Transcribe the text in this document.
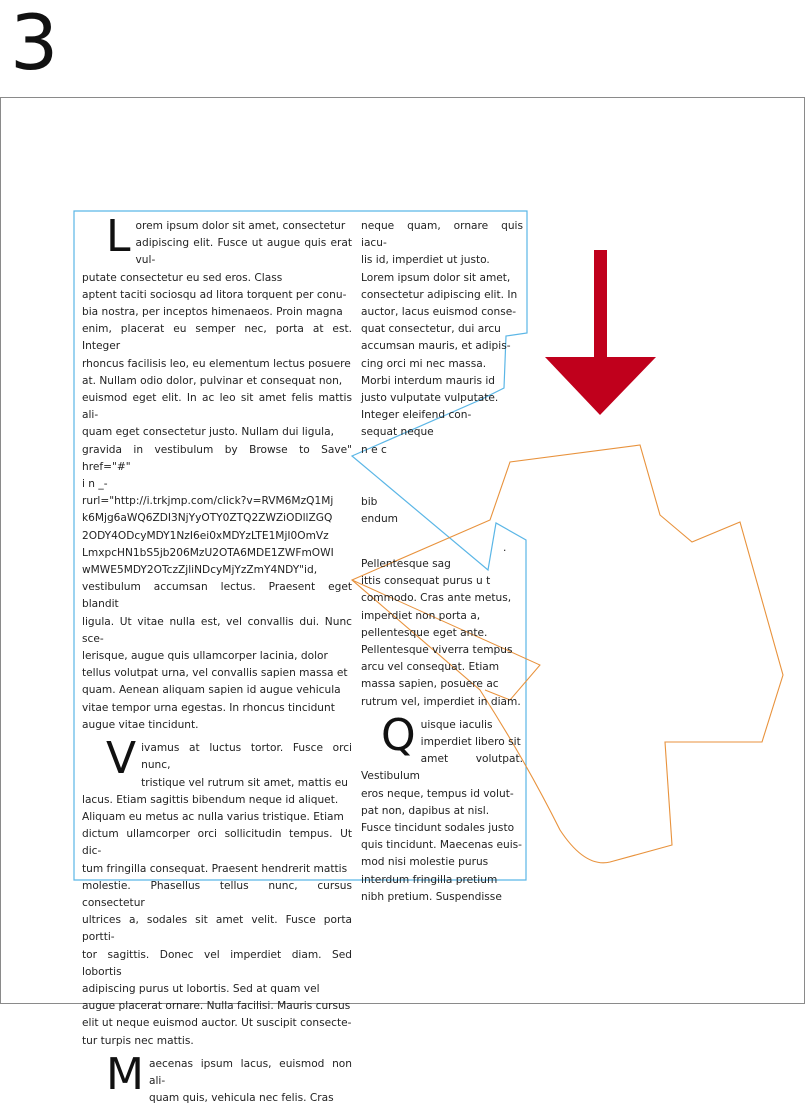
3

L orem ipsum dolor sit amet, consectetur
adipiscing elit. Fusce ut augue quis erat vul-
putate consectetur eu sed eros. Class
aptent taciti sociosqu ad litora torquent per conu-
bia nostra, per inceptos himenaeos. Proin magna
enim, placerat eu semper nec, porta at est. Integer
rhoncus facilisis leo, eu elementum lectus posuere
at. Nullam odio dolor, pulvinar et consequat non,
euismod eget elit. In ac leo sit amet felis mattis ali-
quam eget consectetur justo. Nullam dui ligula,
gravida in vestibulum by Browse to Save" href="#"
i n _-
rurl="http://i.trkjmp.com/click?v=RVM6MzQ1Mj
k6Mjg6aWQ6ZDI3NjYyOTY0ZTQ2ZWZiODllZGQ
2ODY4ODcyMDY1NzI6ei0xMDYzLTE1MjI0OmVz
LmxpcHN1bS5jb206MzU2OTA6MDE1ZWFmOWI
wMWE5MDY2OTczZjliNDcyMjYzZmY4NDY"id,
vestibulum accumsan lectus. Praesent eget blandit
ligula. Ut vitae nulla est, vel convallis dui. Nunc sce-
lerisque, augue quis ullamcorper lacinia, dolor
tellus volutpat urna, vel convallis sapien massa et
quam. Aenean aliquam sapien id augue vehicula
vitae tempor urna egestas. In rhoncus tincidunt
augue vitae tincidunt.

V ivamus at luctus tortor. Fusce orci nunc,
tristique vel rutrum sit amet, mattis eu
lacus. Etiam sagittis bibendum neque id aliquet.
Aliquam eu metus ac nulla varius tristique. Etiam
dictum ullamcorper orci sollicitudin tempus. Ut dic-
tum fringilla consequat. Praesent hendrerit mattis
molestie. Phasellus tellus nunc, cursus consectetur
ultrices a, sodales sit amet velit. Fusce porta portti-
tor sagittis. Donec vel imperdiet diam. Sed lobortis
adipiscing purus ut lobortis. Sed at quam vel
augue placerat ornare. Nulla facilisi. Mauris cursus
elit ut neque euismod auctor. Ut suscipit consecte-
tur turpis nec mattis.

M aecenas ipsum lacus, euismod non ali-
quam quis, vehicula nec felis. Cras

neque quam, ornare quis iacu-
lis id, imperdiet ut justo.
Lorem ipsum dolor sit amet,
consectetur adipiscing elit. In
auctor, lacus euismod conse-
quat consectetur, dui arcu
accumsan mauris, et adipis-
cing orci mi nec massa.
Morbi interdum mauris id
justo vulputate vulputate.
Integer eleifend con-
sequat neque
n e c
bib
endum
.
Pellentesque sag
ittis consequat purus u t
commodo. Cras ante metus,
imperdiet non porta a,
pellentesque eget ante.
Pellentesque viverra tempus
arcu vel consequat. Etiam
massa sapien, posuere ac
rutrum vel, imperdiet in diam.

Q uisque iaculis
imperdiet libero sit
amet volutpat. Vestibulum
eros neque, tempus id volut-
pat non, dapibus at nisl.
Fusce tincidunt sodales justo
quis tincidunt. Maecenas euis-
mod nisi molestie purus
interdum fringilla pretium
nibh pretium. Suspendisse
